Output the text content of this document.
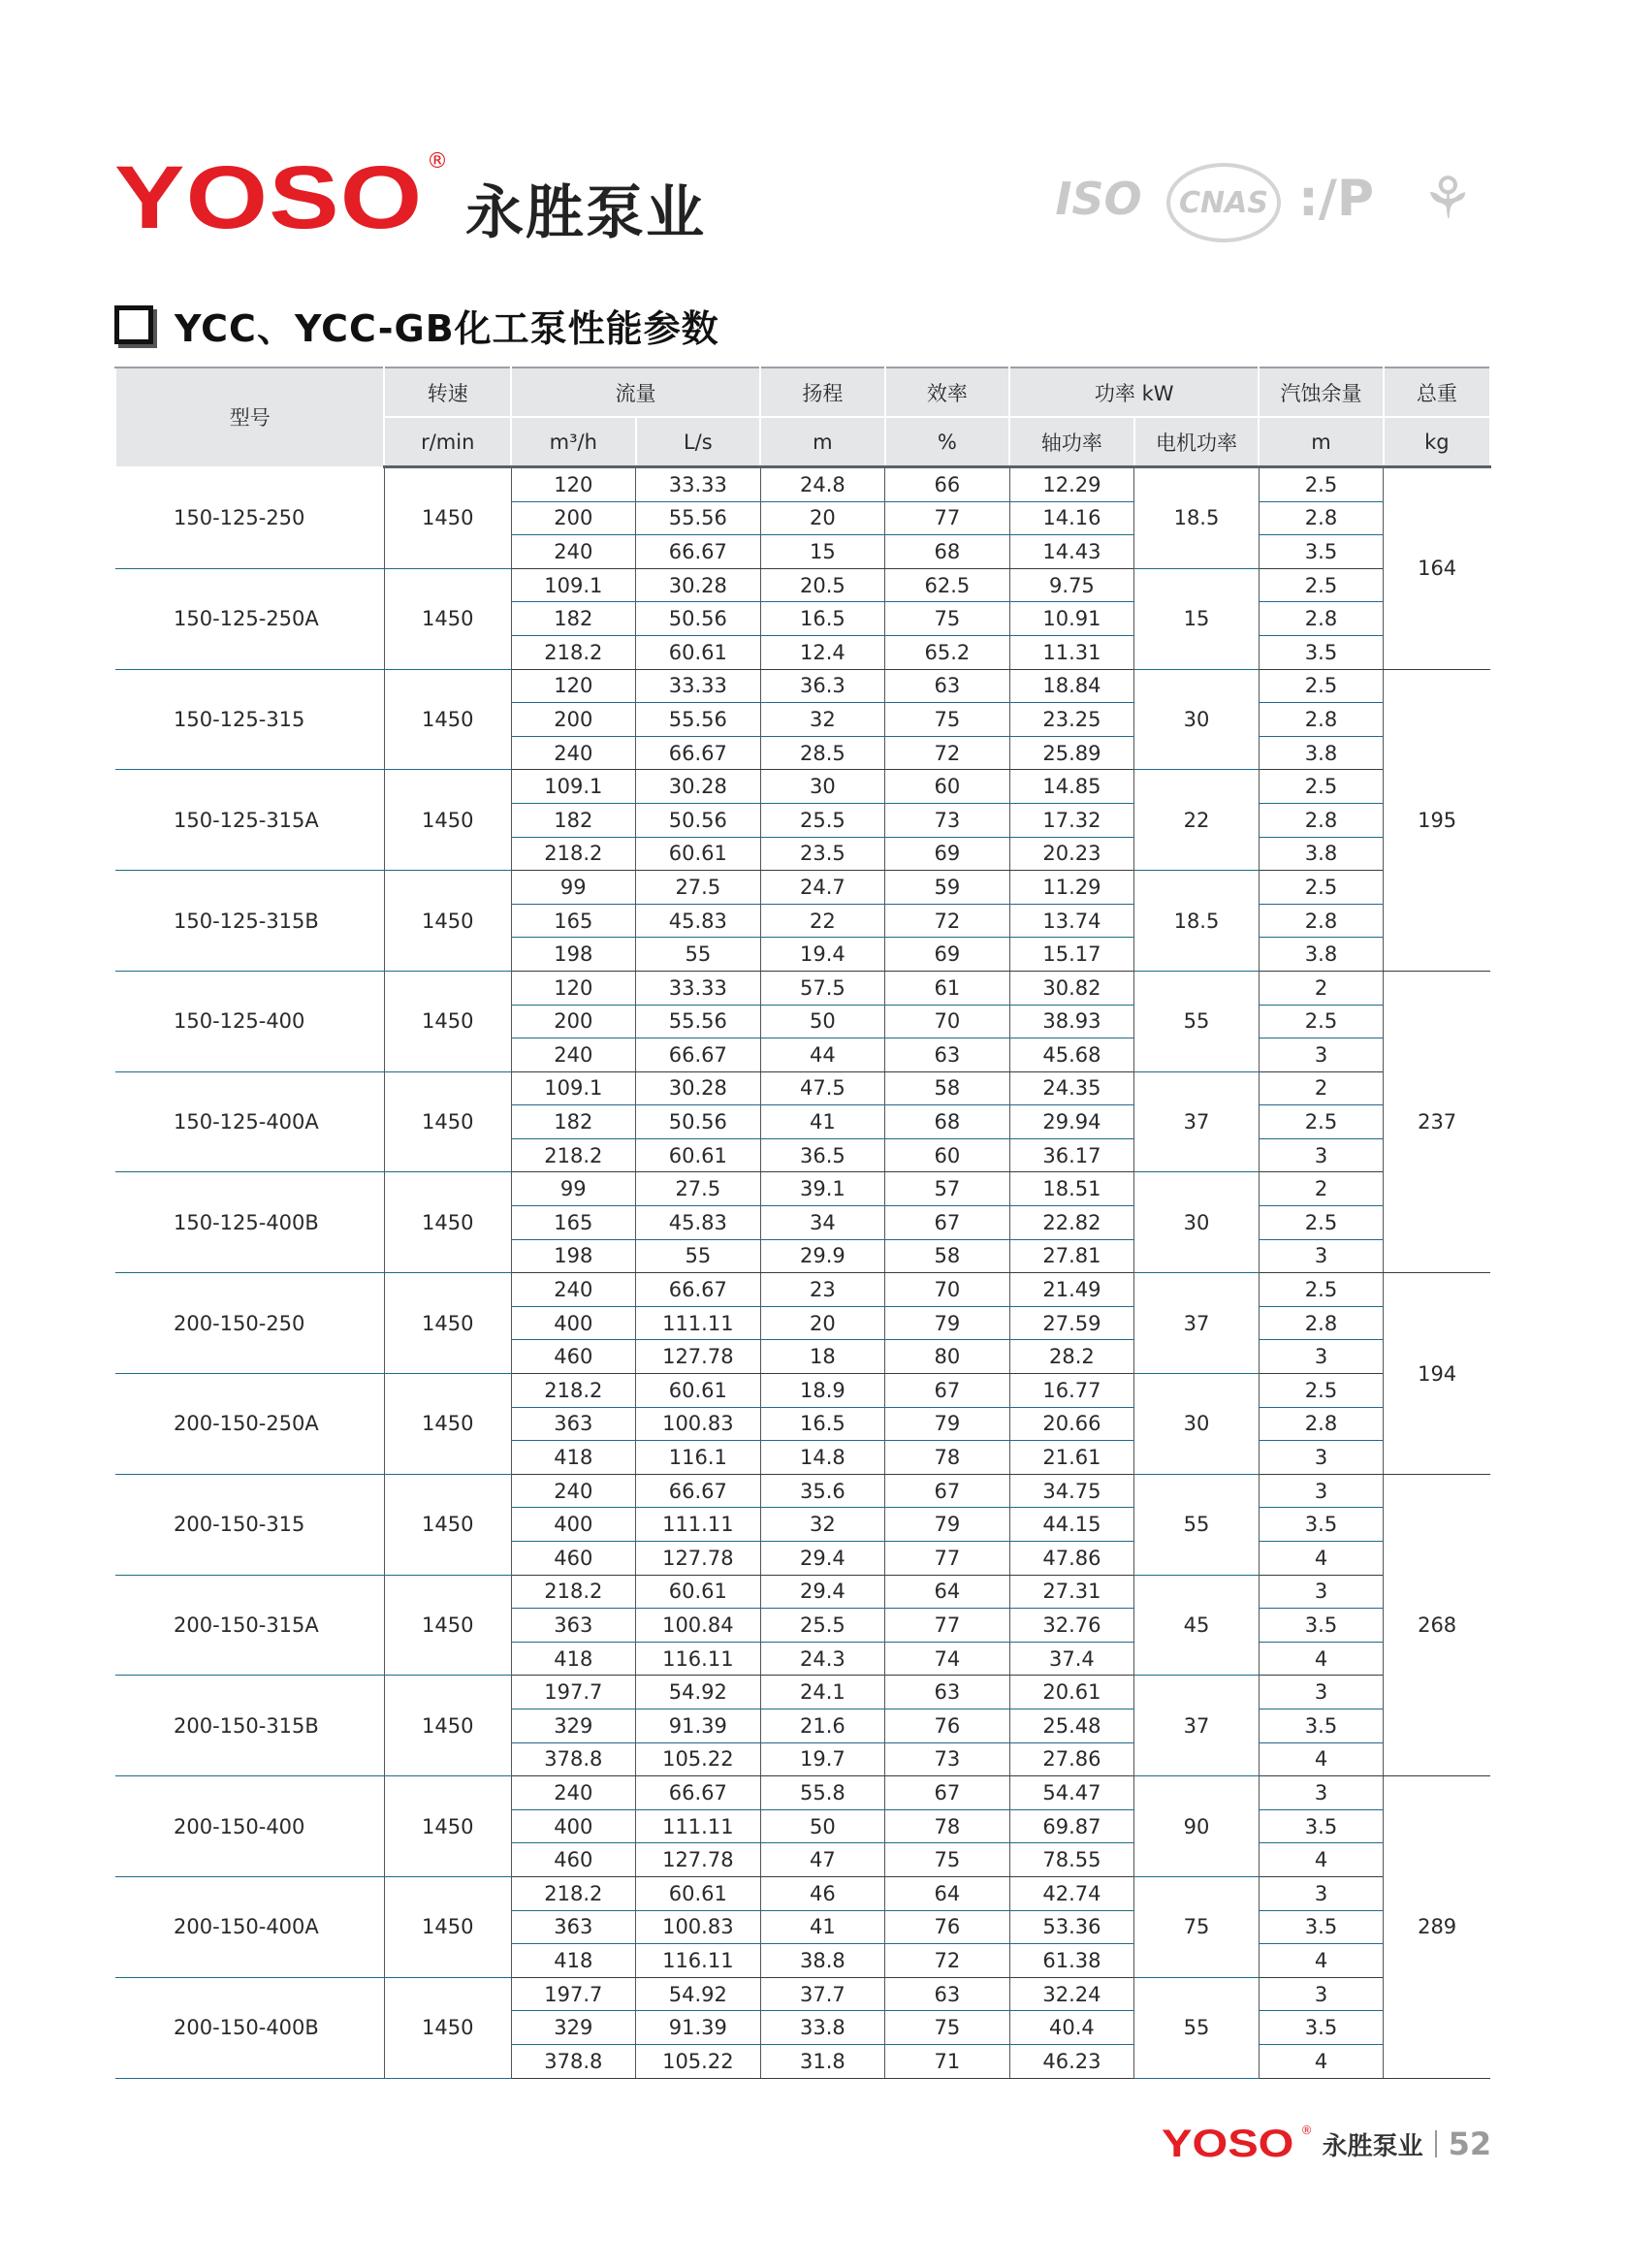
YOSO ®
永胜泵业	ISO	CNAS :/P ⚘
YCC、YCC-GB化工泵性能参数
型号	转速	流量		扬程	效率	功率 kW		汽蚀余量	总重
	r/min	m³/h	L/s	m	%	轴功率	电机功率	m	kg
150-125-250	1450	120	33.33	24.8	66	12.29	18.5	2.5	164
		200	55.56	20	77	14.16		2.8	
		240	66.67	15	68	14.43		3.5	
150-125-250A	1450	109.1	30.28	20.5	62.5	9.75	15	2.5	
		182	50.56	16.5	75	10.91		2.8	
		218.2	60.61	12.4	65.2	11.31		3.5	
150-125-315	1450	120	33.33	36.3	63	18.84	30	2.5	195
		200	55.56	32	75	23.25		2.8	
		240	66.67	28.5	72	25.89		3.8	
150-125-315A	1450	109.1	30.28	30	60	14.85	22	2.5	
		182	50.56	25.5	73	17.32		2.8	
		218.2	60.61	23.5	69	20.23		3.8	
150-125-315B	1450	99	27.5	24.7	59	11.29	18.5	2.5	
		165	45.83	22	72	13.74		2.8	
		198	55	19.4	69	15.17		3.8	
150-125-400	1450	120	33.33	57.5	61	30.82	55	2	237
		200	55.56	50	70	38.93		2.5	
		240	66.67	44	63	45.68		3	
150-125-400A	1450	109.1	30.28	47.5	58	24.35	37	2	
		182	50.56	41	68	29.94		2.5	
		218.2	60.61	36.5	60	36.17		3	
150-125-400B	1450	99	27.5	39.1	57	18.51	30	2	
		165	45.83	34	67	22.82		2.5	
		198	55	29.9	58	27.81		3	
200-150-250	1450	240	66.67	23	70	21.49	37	2.5	194
		400	111.11	20	79	27.59		2.8	
		460	127.78	18	80	28.2		3	
200-150-250A	1450	218.2	60.61	18.9	67	16.77	30	2.5	
		363	100.83	16.5	79	20.66		2.8	
		418	116.1	14.8	78	21.61		3	
200-150-315	1450	240	66.67	35.6	67	34.75	55	3	268
		400	111.11	32	79	44.15		3.5	
		460	127.78	29.4	77	47.86		4	
200-150-315A	1450	218.2	60.61	29.4	64	27.31	45	3	
		363	100.84	25.5	77	32.76		3.5	
		418	116.11	24.3	74	37.4		4	
200-150-315B	1450	197.7	54.92	24.1	63	20.61	37	3	
		329	91.39	21.6	76	25.48		3.5	
		378.8	105.22	19.7	73	27.86		4	
200-150-400	1450	240	66.67	55.8	67	54.47	90	3	289
		400	111.11	50	78	69.87		3.5	
		460	127.78	47	75	78.55		4	
200-150-400A	1450	218.2	60.61	46	64	42.74	75	3	
		363	100.83	41	76	53.36		3.5	
		418	116.11	38.8	72	61.38		4	
200-150-400B	1450	197.7	54.92	37.7	63	32.24	55	3	
		329	91.39	33.8	75	40.4		3.5	
		378.8	105.22	31.8	71	46.23		4	
YOSO ®
永胜泵业 52
